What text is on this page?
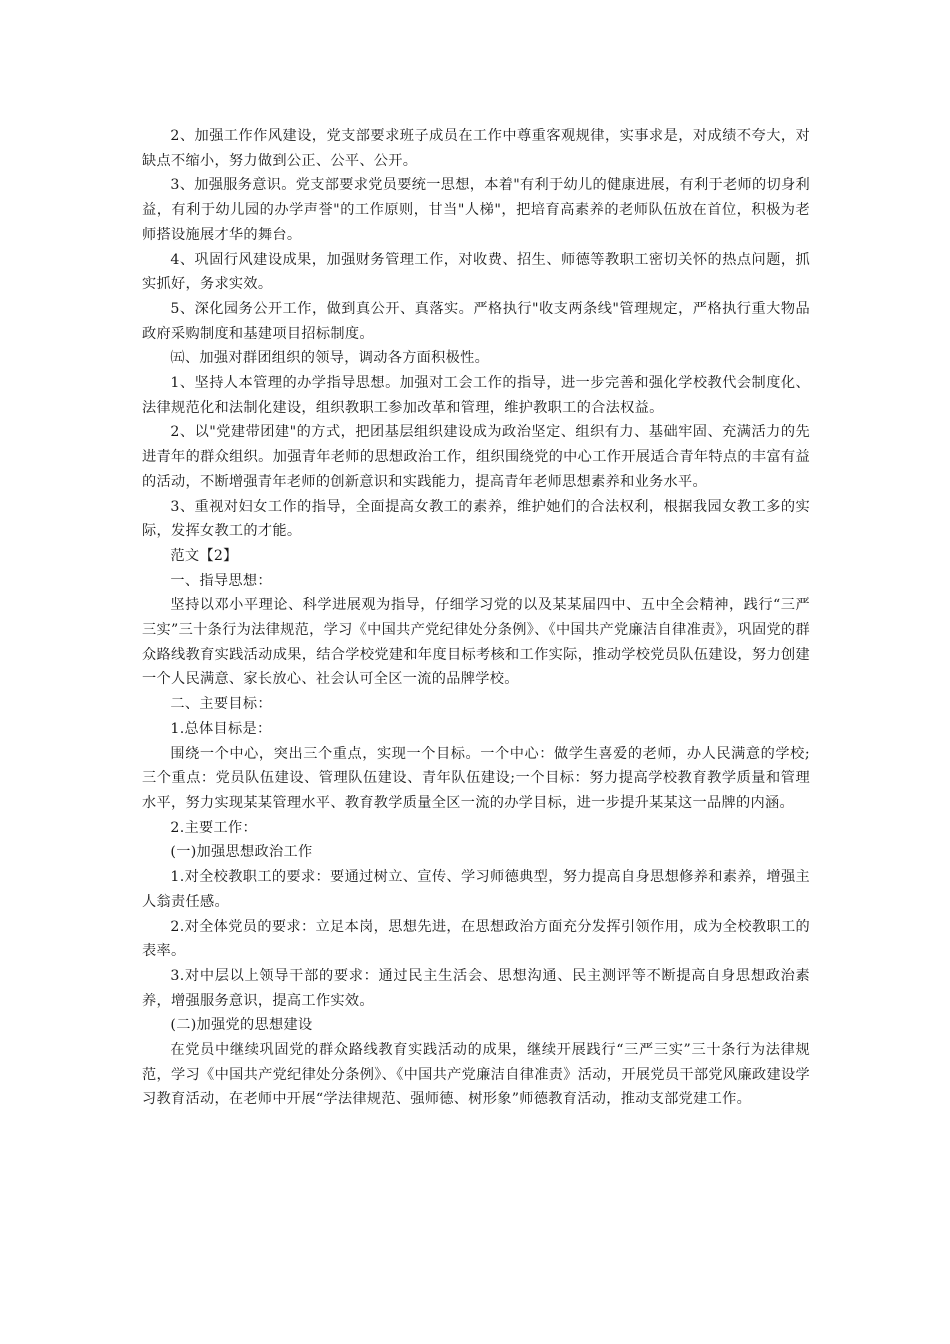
2、加强工作作风建设，党支部要求班子成员在工作中尊重客观规律，实事求是，对成绩不夸大，对缺点不缩小，努力做到公正、公平、公开。

3、加强服务意识。党支部要求党员要统一思想，本着"有利于幼儿的健康进展，有利于老师的切身利益，有利于幼儿园的办学声誉"的工作原则，甘当"人梯"，把培育高素养的老师队伍放在首位，积极为老师搭设施展才华的舞台。

4、巩固行风建设成果，加强财务管理工作，对收费、招生、师德等教职工密切关怀的热点问题，抓实抓好，务求实效。

5、深化园务公开工作，做到真公开、真落实。严格执行"收支两条线"管理规定，严格执行重大物品政府采购制度和基建项目招标制度。

㈤、加强对群团组织的领导，调动各方面积极性。

1、坚持人本管理的办学指导思想。加强对工会工作的指导，进一步完善和强化学校教代会制度化、法律规范化和法制化建设，组织教职工参加改革和管理，维护教职工的合法权益。

2、以"党建带团建"的方式，把团基层组织建设成为政治坚定、组织有力、基础牢固、充满活力的先进青年的群众组织。加强青年老师的思想政治工作，组织围绕党的中心工作开展适合青年特点的丰富有益的活动，不断增强青年老师的创新意识和实践能力，提高青年老师思想素养和业务水平。

3、重视对妇女工作的指导，全面提高女教工的素养，维护她们的合法权利，根据我园女教工多的实际，发挥女教工的才能。

范文【2】

一、指导思想：

坚持以邓小平理论、科学进展观为指导，仔细学习党的以及某某届四中、五中全会精神，践行“三严三实”三十条行为法律规范，学习《中国共产党纪律处分条例》、《中国共产党廉洁自律准责》，巩固党的群众路线教育实践活动成果，结合学校党建和年度目标考核和工作实际，推动学校党员队伍建设，努力创建一个人民满意、家长放心、社会认可全区一流的品牌学校。

二、主要目标：

1.总体目标是：

围绕一个中心，突出三个重点，实现一个目标。一个中心：做学生喜爱的老师，办人民满意的学校;三个重点：党员队伍建设、管理队伍建设、青年队伍建设;一个目标：努力提高学校教育教学质量和管理水平，努力实现某某管理水平、教育教学质量全区一流的办学目标，进一步提升某某这一品牌的内涵。

2.主要工作：

(一)加强思想政治工作

1.对全校教职工的要求：要通过树立、宣传、学习师德典型，努力提高自身思想修养和素养，增强主人翁责任感。

2.对全体党员的要求：立足本岗，思想先进，在思想政治方面充分发挥引领作用，成为全校教职工的表率。

3.对中层以上领导干部的要求：通过民主生活会、思想沟通、民主测评等不断提高自身思想政治素养，增强服务意识，提高工作实效。

(二)加强党的思想建设

在党员中继续巩固党的群众路线教育实践活动的成果，继续开展践行“三严三实”三十条行为法律规范，学习《中国共产党纪律处分条例》、《中国共产党廉洁自律准责》活动，开展党员干部党风廉政建设学习教育活动，在老师中开展“学法律规范、强师德、树形象”师德教育活动，推动支部党建工作。
